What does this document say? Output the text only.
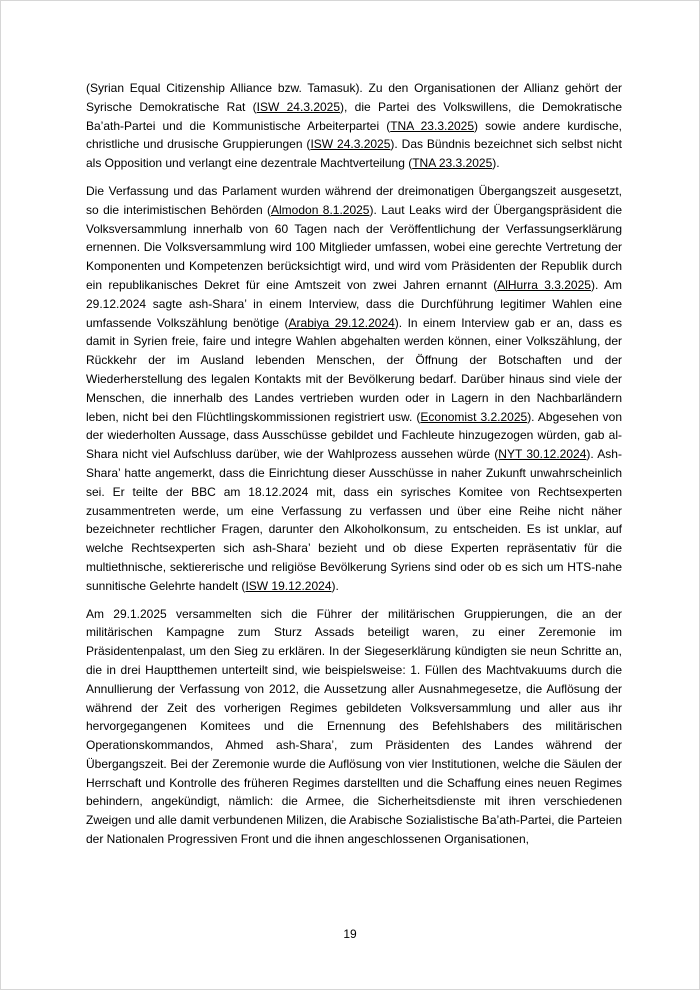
(Syrian Equal Citizenship Alliance bzw. Tamasuk). Zu den Organisationen der Allianz gehört der Syrische Demokratische Rat (ISW 24.3.2025), die Partei des Volkswillens, die Demokratische Ba’ath-Partei und die Kommunistische Arbeiterpartei (TNA 23.3.2025) sowie andere kurdische, christliche und drusische Gruppierungen (ISW 24.3.2025). Das Bündnis bezeichnet sich selbst nicht als Opposition und verlangt eine dezentrale Machtverteilung (TNA 23.3.2025).

Die Verfassung und das Parlament wurden während der dreimonatigen Übergangszeit ausgesetzt, so die interimistischen Behörden (Almodon 8.1.2025). Laut Leaks wird der Übergangspräsident die Volksversammlung innerhalb von 60 Tagen nach der Veröffentlichung der Verfassungserklärung ernennen. Die Volksversammlung wird 100 Mitglieder umfassen, wobei eine gerechte Vertretung der Komponenten und Kompetenzen berücksichtigt wird, und wird vom Präsidenten der Republik durch ein republikanisches Dekret für eine Amtszeit von zwei Jahren ernannt (AlHurra 3.3.2025). Am 29.12.2024 sagte ash-Shara’ in einem Interview, dass die Durchführung legitimer Wahlen eine umfassende Volkszählung benötige (Arabiya 29.12.2024). In einem Interview gab er an, dass es damit in Syrien freie, faire und integre Wahlen abgehalten werden können, einer Volkszählung, der Rückkehr der im Ausland lebenden Menschen, der Öffnung der Botschaften und der Wiederherstellung des legalen Kontakts mit der Bevölkerung bedarf. Darüber hinaus sind viele der Menschen, die innerhalb des Landes vertrieben wurden oder in Lagern in den Nachbarländern leben, nicht bei den Flüchtlingskommissionen registriert usw. (Economist 3.2.2025). Abgesehen von der wiederholten Aussage, dass Ausschüsse gebildet und Fachleute hinzugezogen würden, gab al-Shara nicht viel Aufschluss darüber, wie der Wahlprozess aussehen würde (NYT 30.12.2024). Ash-Shara’ hatte angemerkt, dass die Einrichtung dieser Ausschüsse in naher Zukunft unwahrscheinlich sei. Er teilte der BBC am 18.12.2024 mit, dass ein syrisches Komitee von Rechtsexperten zusammentreten werde, um eine Verfassung zu verfassen und über eine Reihe nicht näher bezeichneter rechtlicher Fragen, darunter den Alkoholkonsum, zu entscheiden. Es ist unklar, auf welche Rechtsexperten sich ash-Shara’ bezieht und ob diese Experten repräsentativ für die multiethnische, sektiererische und religiöse Bevölkerung Syriens sind oder ob es sich um HTS-nahe sunnitische Gelehrte handelt (ISW 19.12.2024).

Am 29.1.2025 versammelten sich die Führer der militärischen Gruppierungen, die an der militärischen Kampagne zum Sturz Assads beteiligt waren, zu einer Zeremonie im Präsidentenpalast, um den Sieg zu erklären. In der Siegeserklärung kündigten sie neun Schritte an, die in drei Hauptthemen unterteilt sind, wie beispielsweise: 1. Füllen des Machtvakuums durch die Annullierung der Verfassung von 2012, die Aussetzung aller Ausnahmegesetze, die Auflösung der während der Zeit des vorherigen Regimes gebildeten Volksversammlung und aller aus ihr hervorgegangenen Komitees und die Ernennung des Befehlshabers des militärischen Operationskommandos, Ahmed ash-Shara’, zum Präsidenten des Landes während der Übergangszeit. Bei der Zeremonie wurde die Auflösung von vier Institutionen, welche die Säulen der Herrschaft und Kontrolle des früheren Regimes darstellten und die Schaffung eines neuen Regimes behindern, angekündigt, nämlich: die Armee, die Sicherheitsdienste mit ihren verschiedenen Zweigen und alle damit verbundenen Milizen, die Arabische Sozialistische Ba’ath-Partei, die Parteien der Nationalen Progressiven Front und die ihnen angeschlossenen Organisationen,

19
